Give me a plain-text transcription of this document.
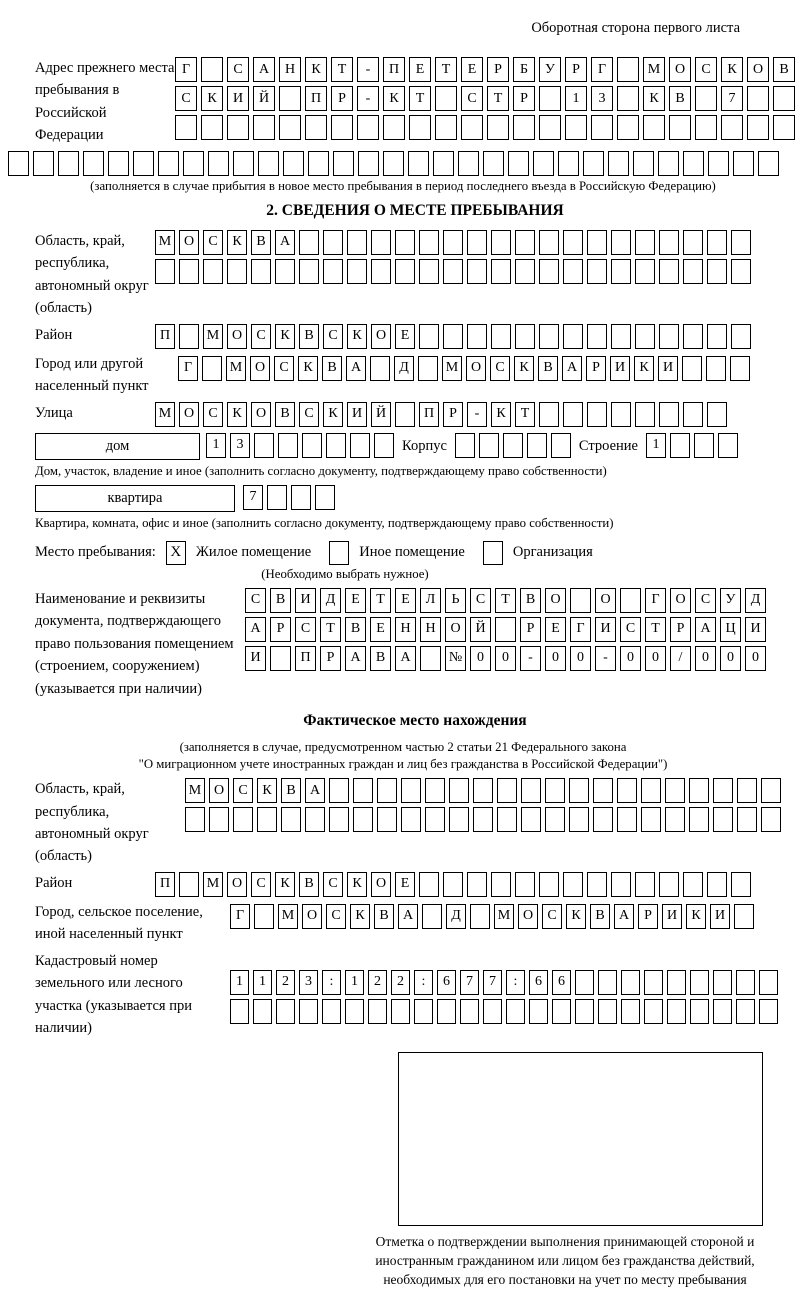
Оборотная сторона первого листа
Адрес прежнего места пребывания в Российской Федерации
Г	С	А	Н	К	Т	-	П	Е	Т	Е	Р	Б	У	Р	Г	М	О	С	К	О	В
С	К	И	Й	П	Р	-	К	Т	С	Т	Р	1	3	К	В	7
(заполняется в случае прибытия в новое место пребывания в период последнего въезда в Российскую Федерацию)
2. СВЕДЕНИЯ О МЕСТЕ ПРЕБЫВАНИЯ
Область, край, республика, автономный округ (область)
М О	С	К	В	А
Район	П	М О	С	К	В	С	К	О	Е
Город или другой населенный пункт
Г	М О	С	К	В	А	Д	М О	С	К	В	А	Р	И	К	И
Улица	М О	С	К	О	В	С	К	И Й	П	Р	-	К	Т
дом	1	3	Корпус	Строение	1
Дом, участок, владение и иное (заполнить согласно документу, подтверждающему право собственности)
квартира	7
Квартира, комната, офис и иное (заполнить согласно документу, подтверждающему право собственности)
Место пребывания: X	Жилое помещение	Иное помещение	Организация
(Необходимо выбрать нужное)
Наименование и реквизиты документа, подтверждающего право пользования помещением (строением, сооружением) (указывается при наличии)
С	В	И	Д	Е	Т	Е	Л	Ь	С	Т	В	О	О	Г	О	С	У	Д
А	Р	С	Т	В	Е	Н	Н	О	Й	Р	Е	Г	И	С	Т	Р	А	Ц	И
И	П	Р	А	В	А	№	0	0	-	0	0	-	0	0	/	0	0	0
Фактическое место нахождения
(заполняется в случае, предусмотренном частью 2 статьи 21 Федерального закона
"О миграционном учете иностранных граждан и лиц без гражданства в Российской Федерации")
Область, край, республика, автономный округ (область)
М О	С	К	В	А
Район	П	М О	С	К	В	С	К	О	Е
Город, сельское поселение, иной населенный пункт
Г	М О	С	К	В	А	Д	М О	С	К	В	А	Р	И	К	И
Кадастровый номер земельного или лесного участка (указывается при наличии)
1	1	2	3	:	1	2	2	:	6	7	7	:	6	6
Отметка о подтверждении выполнения принимающей стороной и иностранным гражданином или лицом без гражданства действий, необходимых для его постановки на учет по месту пребывания
